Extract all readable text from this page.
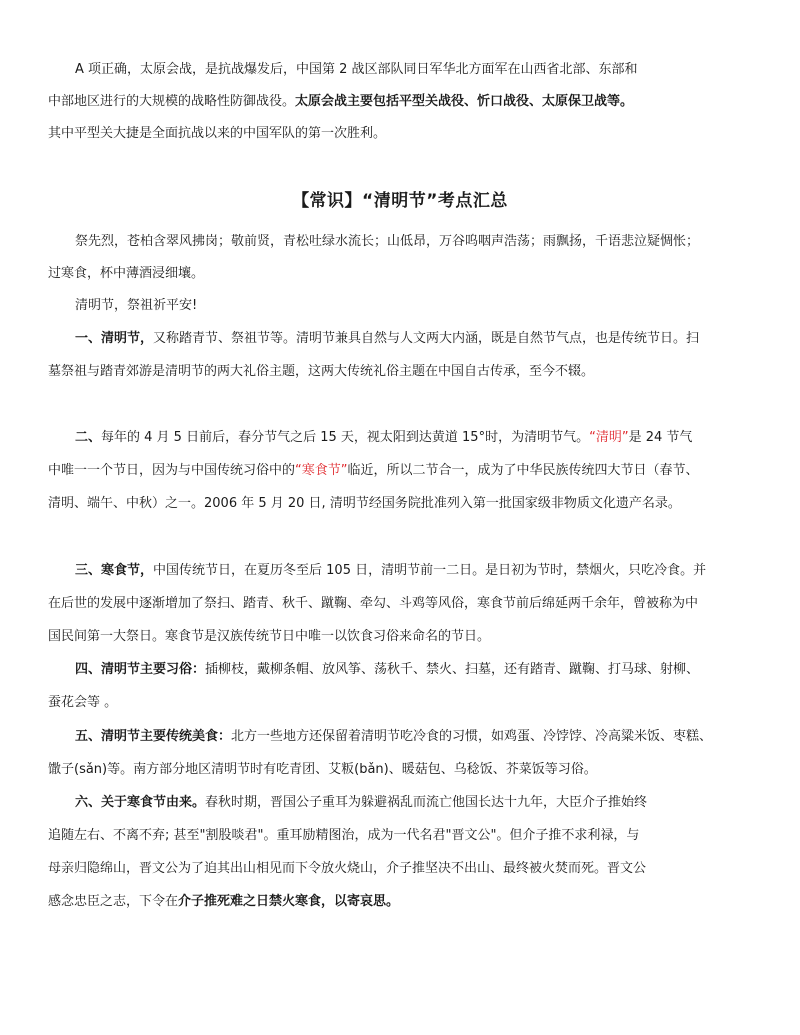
A 项正确，太原会战，是抗战爆发后，中国第 2 战区部队同日军华北方面军在山西省北部、东部和
中部地区进行的大规模的战略性防御战役。太原会战主要包括平型关战役、忻口战役、太原保卫战等。
其中平型关大捷是全面抗战以来的中国军队的第一次胜利。
【常识】“清明节”考点汇总
祭先烈，苍柏含翠风拂岗；敬前贤，青松吐绿水流长；山低昂，万谷呜咽声浩荡；雨飘扬，千语悲泣疑惆怅；
过寒食，杯中薄酒浸细壤。
清明节，祭祖祈平安!
一、清明节，又称踏青节、祭祖节等。清明节兼具自然与人文两大内涵，既是自然节气点，也是传统节日。扫
墓祭祖与踏青郊游是清明节的两大礼俗主题，这两大传统礼俗主题在中国自古传承，至今不辍。
二、每年的 4 月 5 日前后，春分节气之后 15 天，视太阳到达黄道 15°时，为清明节气。“清明”是 24 节气
中唯一一个节日，因为与中国传统习俗中的“寒食节”临近，所以二节合一，成为了中华民族传统四大节日（春节、
清明、端午、中秋）之一。2006 年 5 月 20 日, 清明节经国务院批准列入第一批国家级非物质文化遗产名录。
三、寒食节，中国传统节日，在夏历冬至后 105 日，清明节前一二日。是日初为节时，禁烟火，只吃冷食。并
在后世的发展中逐渐增加了祭扫、踏青、秋千、蹴鞠、牵勾、斗鸡等风俗，寒食节前后绵延两千余年，曾被称为中
国民间第一大祭日。寒食节是汉族传统节日中唯一以饮食习俗来命名的节日。
四、清明节主要习俗：插柳枝，戴柳条帽、放风筝、荡秋千、禁火、扫墓，还有踏青、蹴鞠、打马球、射柳、
蚕花会等 。
五、清明节主要传统美食：北方一些地方还保留着清明节吃冷食的习惯，如鸡蛋、冷饽饽、冷高粱米饭、枣糕、
馓子(sǎn)等。南方部分地区清明节时有吃青团、艾粄(bǎn)、暖菇包、乌稔饭、芥菜饭等习俗。
六、关于寒食节由来。春秋时期，晋国公子重耳为躲避祸乱而流亡他国长达十九年，大臣介子推始终
追随左右、不离不弃; 甚至"割股啖君"。重耳励精图治，成为一代名君"晋文公"。但介子推不求利禄，与
母亲归隐绵山，晋文公为了迫其出山相见而下令放火烧山，介子推坚决不出山、最终被火焚而死。晋文公
感念忠臣之志，下令在介子推死难之日禁火寒食，以寄哀思。
